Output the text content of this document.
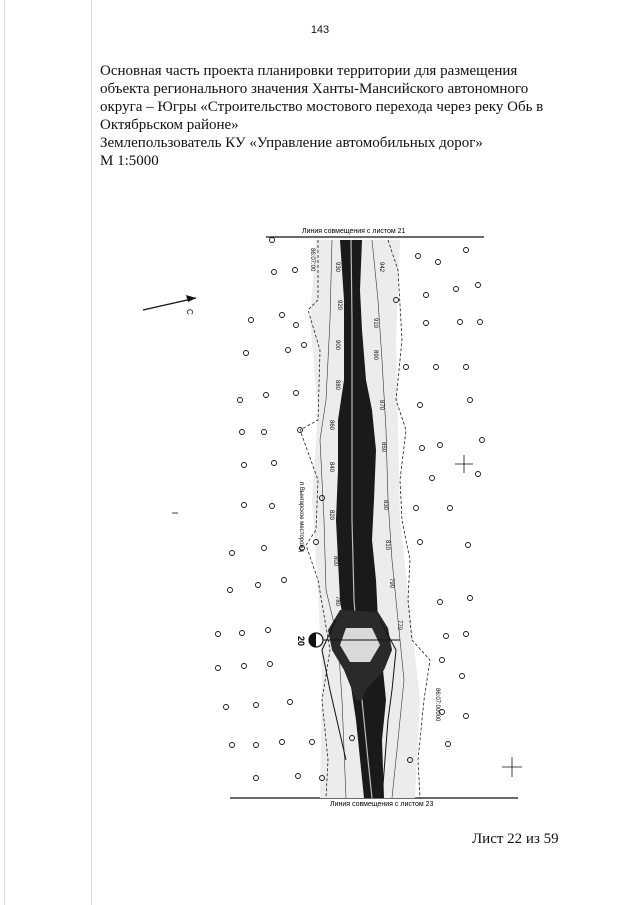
143
Основная часть проекта планировки территории для размещения
объекта регионального значения Ханты-Мансийского автономного
округа – Югры «Строительство мостового перехода через реку Обь в
Октябрьском районе»
Землепользователь КУ «Управление автомобильных дорог»
М 1:5000
Линия совмещения с листом 21
Линия совмещения с листом 23
942
930
920
910
900
890
880
870
860
850
840
830
820
810
800
790
780
770
86:07:00
86:07:00000
п Вынгарское месторожд
20
С
Лист 22 из 59
